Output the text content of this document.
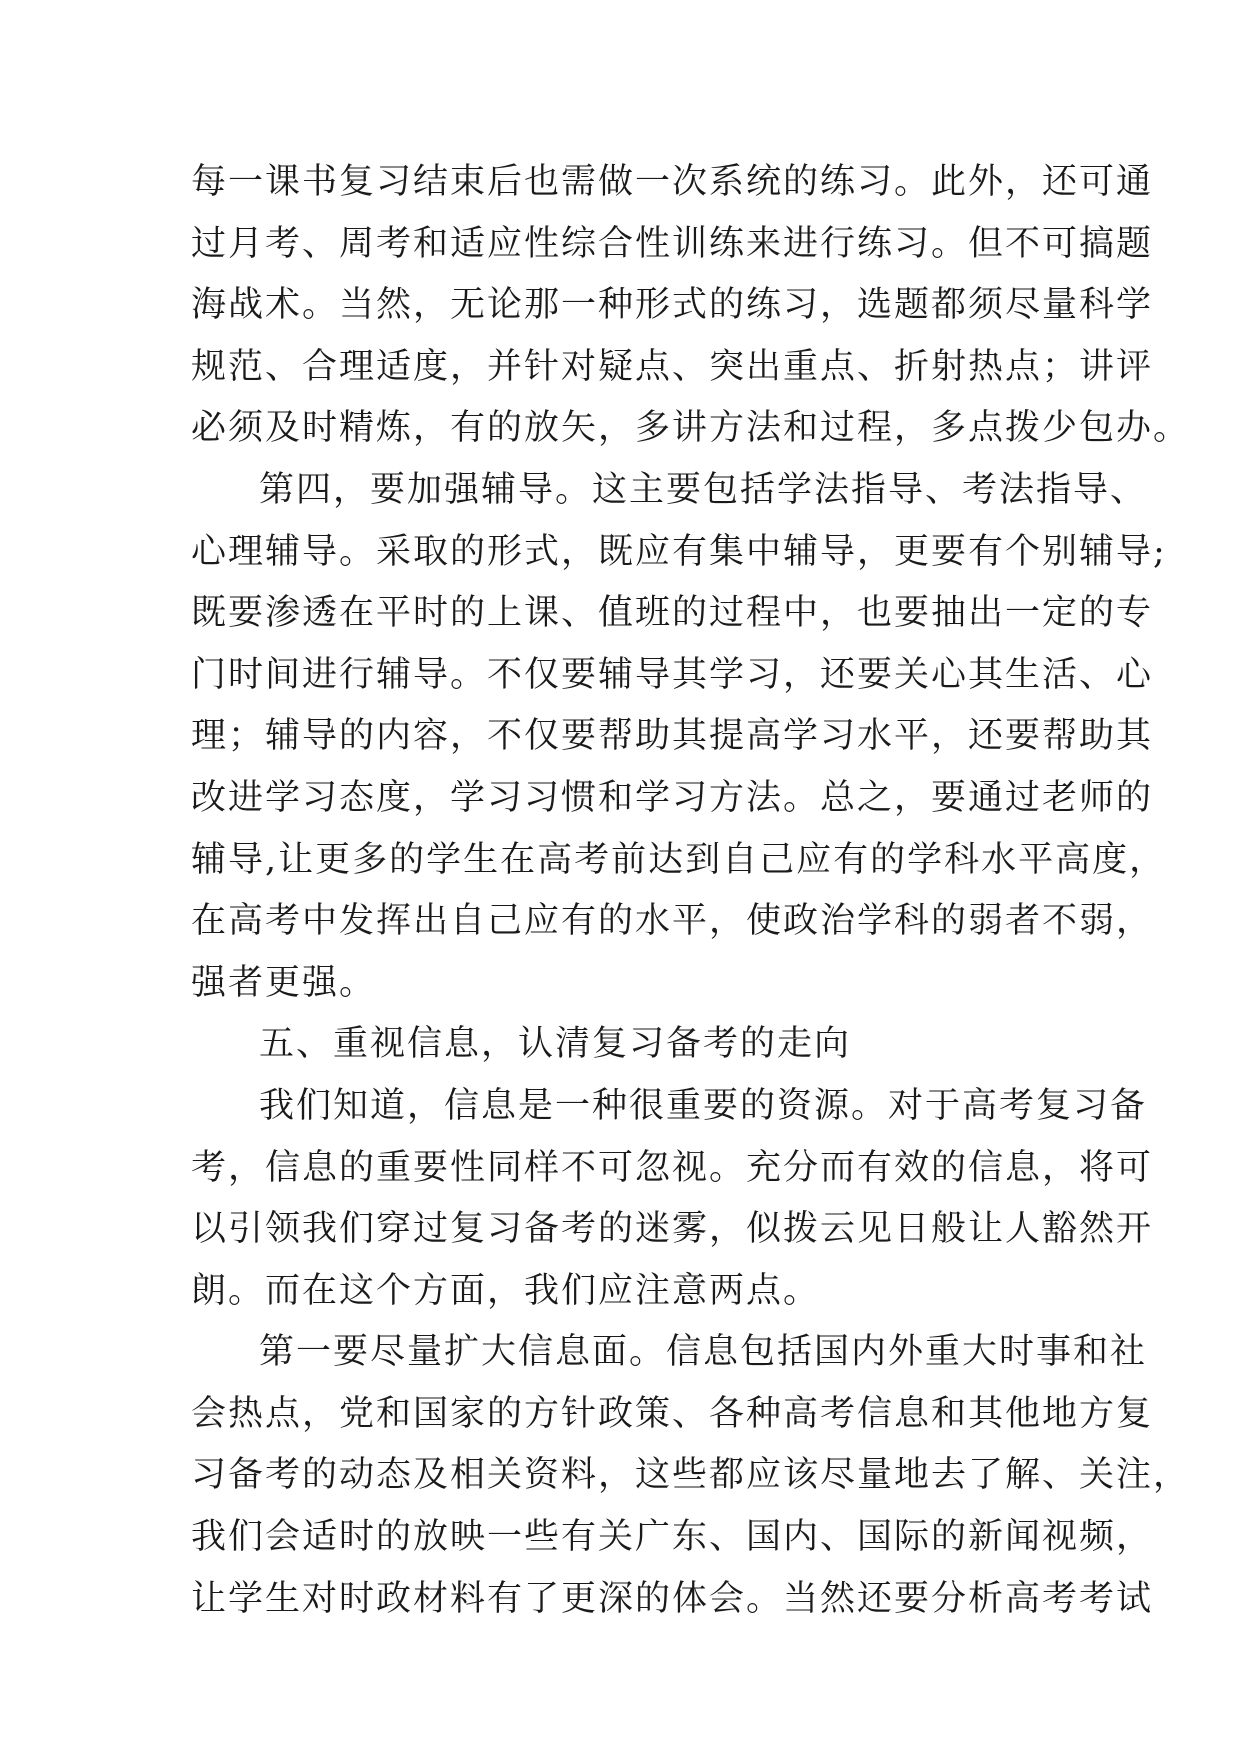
每一课书复习结束后也需做一次系统的练习。此外，还可通
过月考、周考和适应性综合性训练来进行练习。但不可搞题
海战术。当然，无论那一种形式的练习，选题都须尽量科学
规范、合理适度，并针对疑点、突出重点、折射热点；讲评
必须及时精炼，有的放矢，多讲方法和过程，多点拨少包办。
第四，要加强辅导。这主要包括学法指导、考法指导、
心理辅导。采取的形式，既应有集中辅导，更要有个别辅导;
既要渗透在平时的上课、值班的过程中，也要抽出一定的专
门时间进行辅导。不仅要辅导其学习，还要关心其生活、心
理；辅导的内容，不仅要帮助其提高学习水平，还要帮助其
改进学习态度，学习习惯和学习方法。总之，要通过老师的
辅导,让更多的学生在高考前达到自己应有的学科水平高度，
在高考中发挥出自己应有的水平，使政治学科的弱者不弱，
强者更强。
五、重视信息，认清复习备考的走向
我们知道，信息是一种很重要的资源。对于高考复习备
考，信息的重要性同样不可忽视。充分而有效的信息，将可
以引领我们穿过复习备考的迷雾，似拨云见日般让人豁然开
朗。而在这个方面，我们应注意两点。
第一要尽量扩大信息面。信息包括国内外重大时事和社
会热点，党和国家的方针政策、各种高考信息和其他地方复
习备考的动态及相关资料，这些都应该尽量地去了解、关注，
我们会适时的放映一些有关广东、国内、国际的新闻视频，
让学生对时政材料有了更深的体会。当然还要分析高考考试
